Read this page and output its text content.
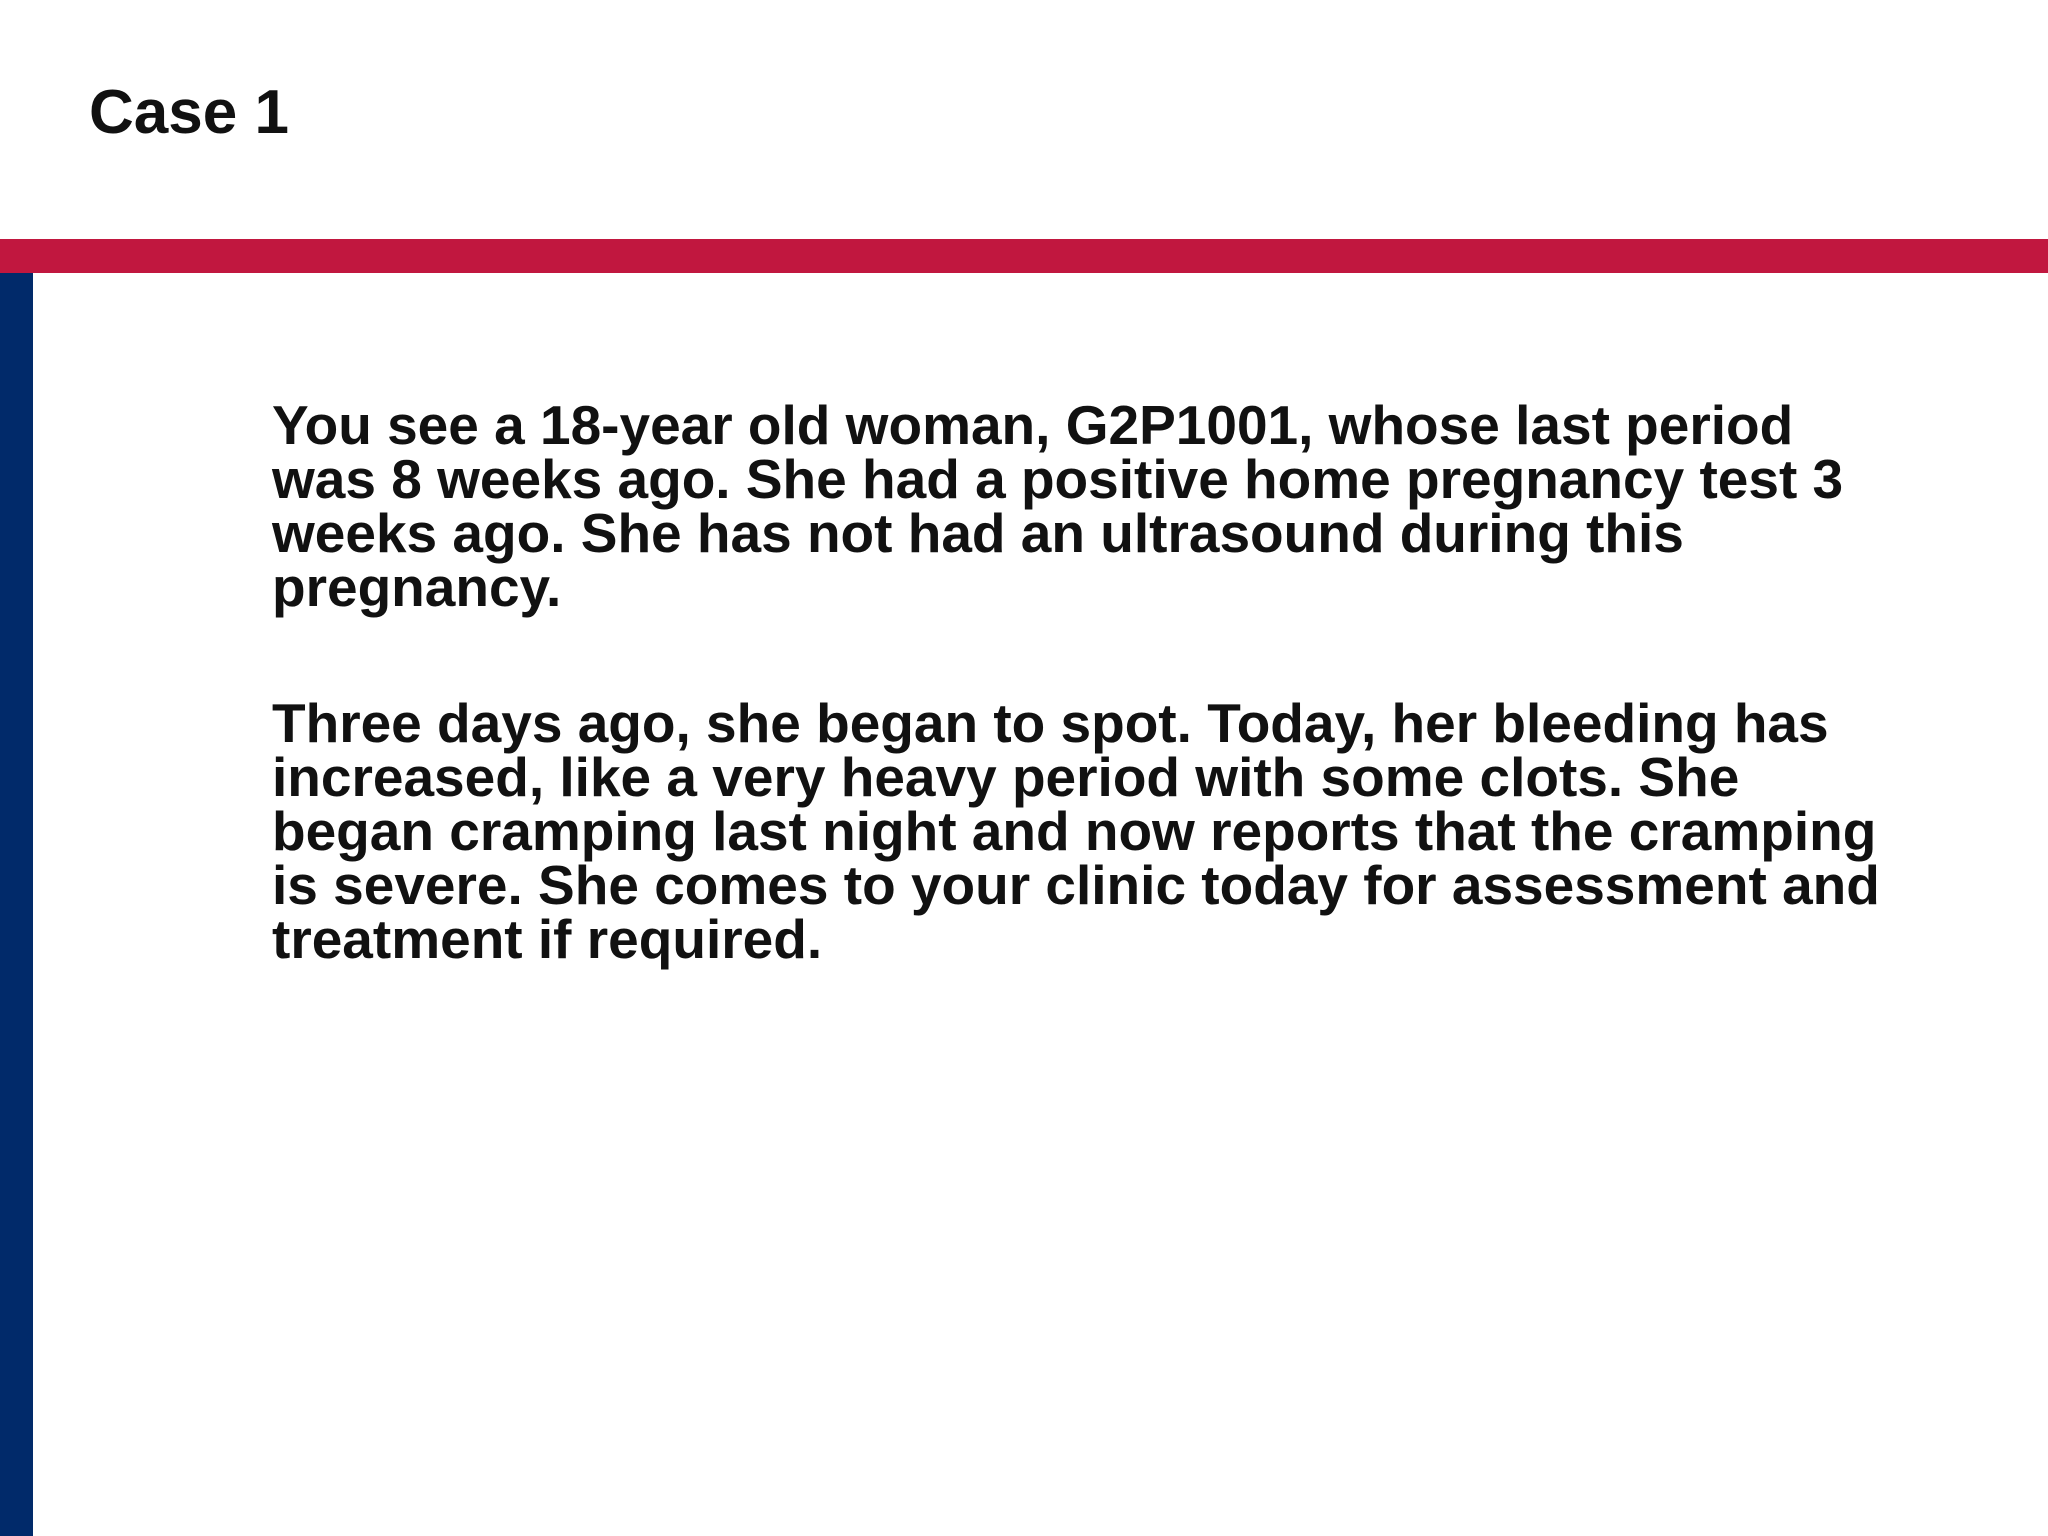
Case 1

You see a 18-year old woman, G2P1001, whose last period
was 8 weeks ago. She had a positive home pregnancy test 3
weeks ago. She has not had an ultrasound during this
pregnancy.

Three days ago, she began to spot. Today, her bleeding has
increased, like a very heavy period with some clots. She
began cramping last night and now reports that the cramping
is severe. She comes to your clinic today for assessment and
treatment if required.
